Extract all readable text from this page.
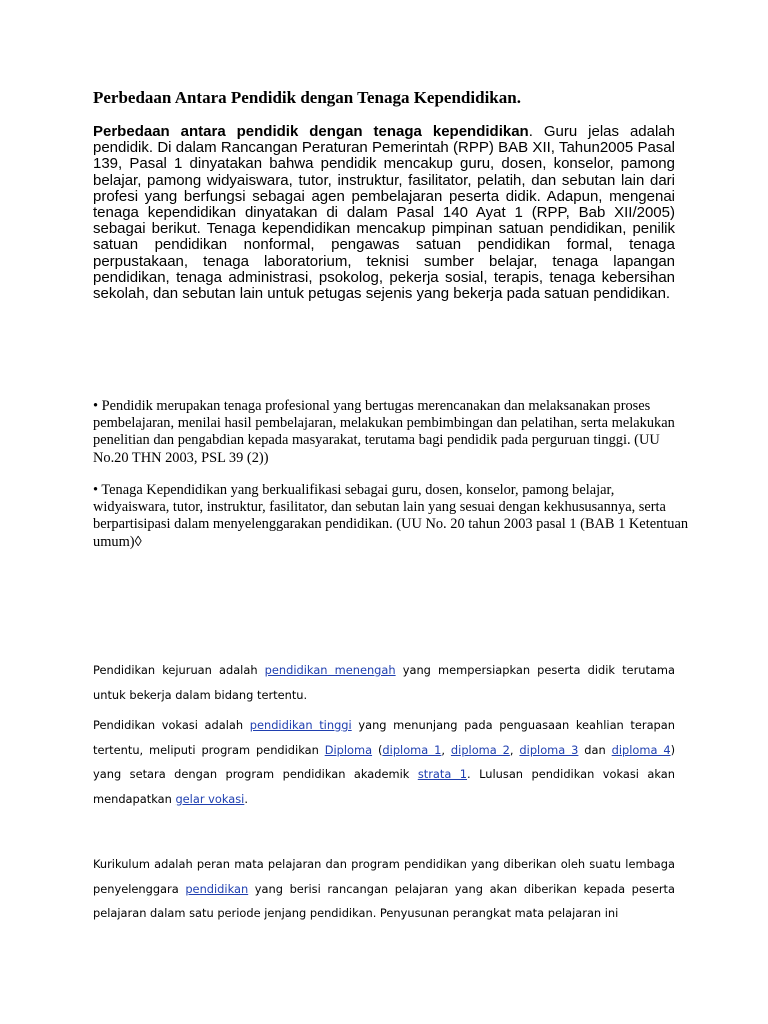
Perbedaan Antara Pendidik dengan Tenaga Kependidikan.
Perbedaan antara pendidik dengan tenaga kependidikan. Guru jelas adalah pendidik. Di dalam Rancangan Peraturan Pemerintah (RPP) BAB XII, Tahun2005 Pasal 139, Pasal 1 dinyatakan bahwa pendidik mencakup guru, dosen, konselor, pamong belajar, pamong widyaiswara, tutor, instruktur, fasilitator, pelatih, dan sebutan lain dari profesi yang berfungsi sebagai agen pembelajaran peserta didik. Adapun, mengenai tenaga kependidikan dinyatakan di dalam Pasal 140 Ayat 1 (RPP, Bab XII/2005) sebagai berikut. Tenaga kependidikan mencakup pimpinan satuan pendidikan, penilik satuan pendidikan nonformal, pengawas satuan pendidikan formal, tenaga perpustakaan, tenaga laboratorium, teknisi sumber belajar, tenaga lapangan pendidikan, tenaga administrasi, psokolog, pekerja sosial, terapis, tenaga kebersihan sekolah, dan sebutan lain untuk petugas sejenis yang bekerja pada satuan pendidikan.
• Pendidik merupakan tenaga profesional yang bertugas merencanakan dan melaksanakan proses pembelajaran, menilai hasil pembelajaran, melakukan pembimbingan dan pelatihan, serta melakukan penelitian dan pengabdian kepada masyarakat, terutama bagi pendidik pada perguruan tinggi. (UU No.20 THN 2003, PSL 39 (2))
• Tenaga Kependidikan yang berkualifikasi sebagai guru, dosen, konselor, pamong belajar, widyaiswara, tutor, instruktur, fasilitator, dan sebutan lain yang sesuai dengan kekhususannya, serta berpartisipasi dalam menyelenggarakan pendidikan. (UU No. 20 tahun 2003 pasal 1 (BAB 1 Ketentuan umum)◊
Pendidikan kejuruan adalah pendidikan menengah yang mempersiapkan peserta didik terutama untuk bekerja dalam bidang tertentu.
Pendidikan vokasi adalah pendidikan tinggi yang menunjang pada penguasaan keahlian terapan tertentu, meliputi program pendidikan Diploma (diploma 1, diploma 2, diploma 3 dan diploma 4) yang setara dengan program pendidikan akademik strata 1. Lulusan pendidikan vokasi akan mendapatkan gelar vokasi.
Kurikulum adalah peran mata pelajaran dan program pendidikan yang diberikan oleh suatu lembaga penyelenggara pendidikan yang berisi rancangan pelajaran yang akan diberikan kepada peserta pelajaran dalam satu periode jenjang pendidikan. Penyusunan perangkat mata pelajaran ini
